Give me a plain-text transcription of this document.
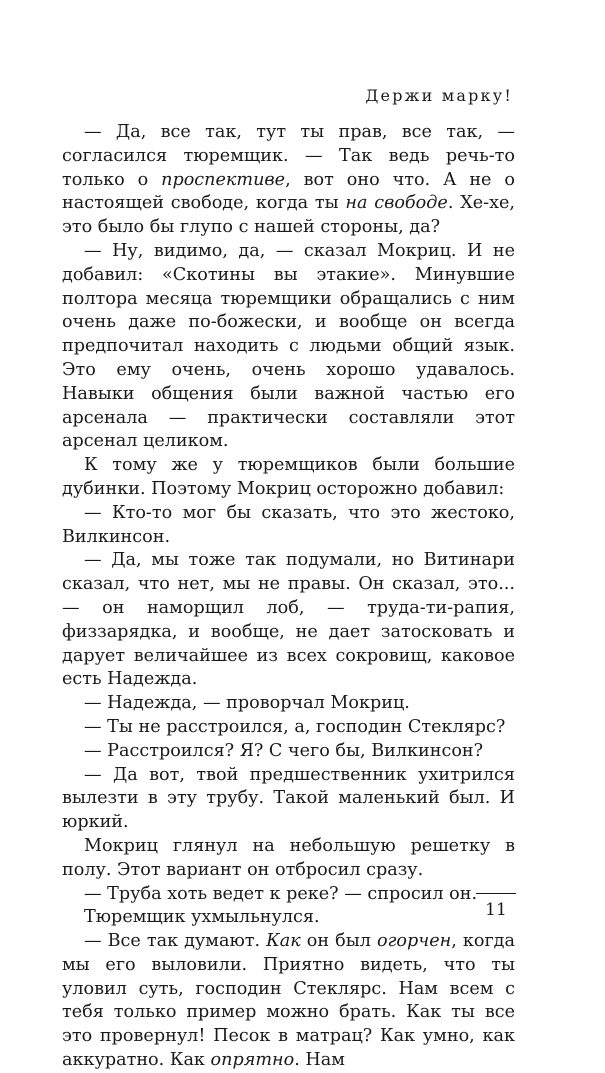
Держи марку!

— Да, все так, тут ты прав, все так, — согласился тюремщик. — Так ведь речь-то только о проспективе, вот оно что. А не о настоящей свободе, когда ты на свободе. Хе-хе, это было бы глупо с нашей стороны, да?

— Ну, видимо, да, — сказал Мокриц. И не добавил: «Скотины вы этакие». Минувшие полтора месяца тюремщики обращались с ним очень даже по-божески, и вообще он всегда предпочитал находить с людьми общий язык. Это ему очень, очень хорошо удавалось. Навыки общения были важной частью его арсенала — практически составляли этот арсенал целиком.

К тому же у тюремщиков были большие дубинки. Поэтому Мокриц осторожно добавил:

— Кто-то мог бы сказать, что это жестоко, Вилкинсон.

— Да, мы тоже так подумали, но Витинари сказал, что нет, мы не правы. Он сказал, это... — он наморщил лоб, — труда-ти-рапия, физзарядка, и вообще, не дает затосковать и дарует величайшее из всех сокровищ, каковое есть Надежда.

— Надежда, — проворчал Мокриц.

— Ты не расстроился, а, господин Стеклярс?

— Расстроился? Я? С чего бы, Вилкинсон?

— Да вот, твой предшественник ухитрился вылезти в эту трубу. Такой маленький был. И юркий.

Мокриц глянул на небольшую решетку в полу. Этот вариант он отбросил сразу.

— Труба хоть ведет к реке? — спросил он.

Тюремщик ухмыльнулся.

— Все так думают. Как он был огорчен, когда мы его выловили. Приятно видеть, что ты уловил суть, господин Стеклярс. Нам всем с тебя только пример можно брать. Как ты все это провернул! Песок в матрац? Как умно, как аккуратно. Как опрятно. Нам

11
